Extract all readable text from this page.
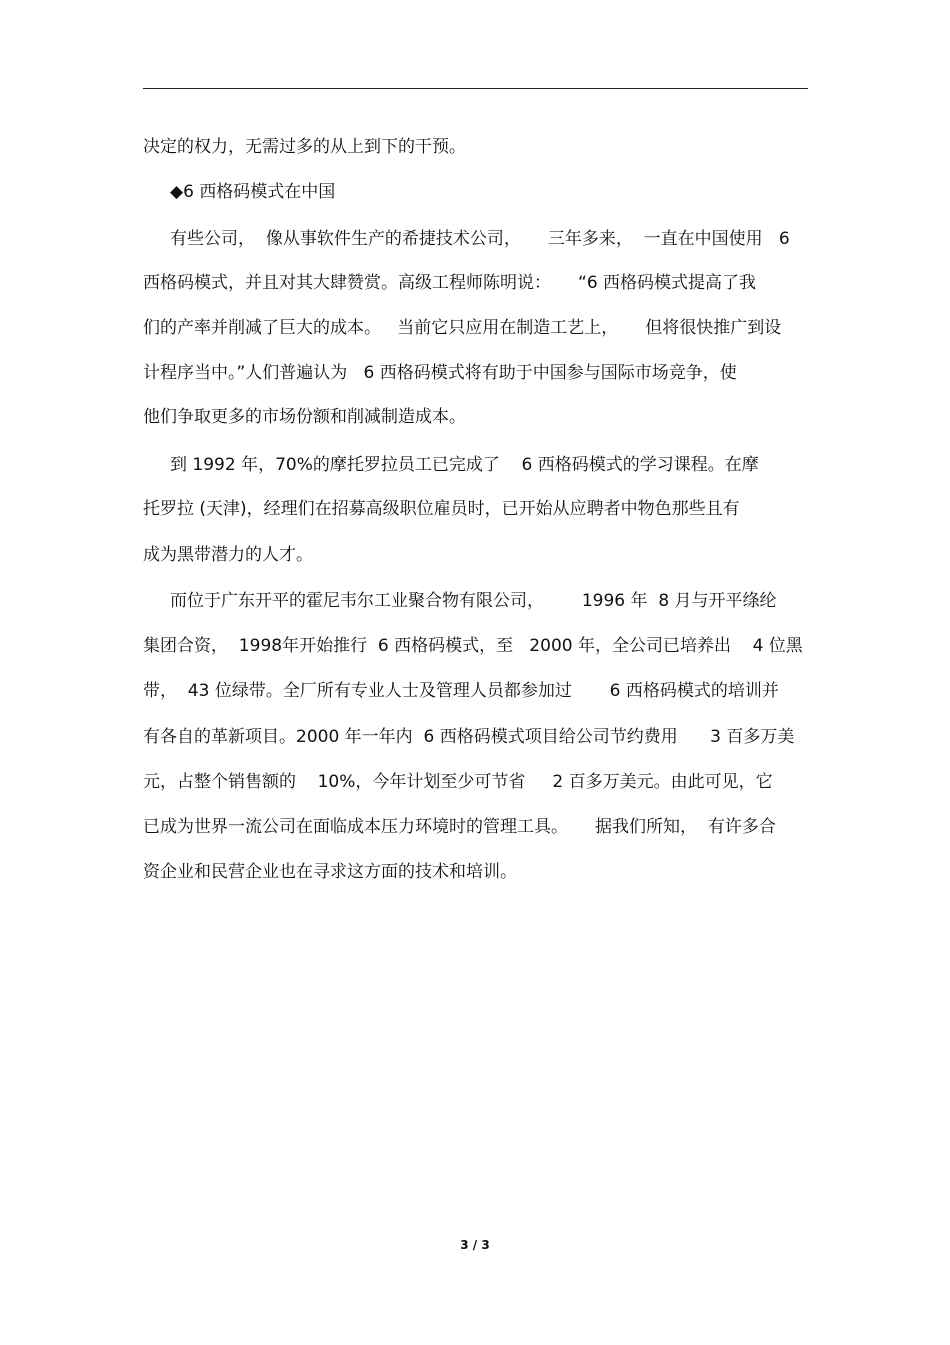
决定的权力，无需过多的从上到下的干预。
◆6 西格码模式在中国
有些公司，  像从事软件生产的希捷技术公司，     三年多来，  一直在中国使用   6
西格码模式，并且对其大肆赞赏。高级工程师陈明说：     “6 西格码模式提高了我
们的产率并削减了巨大的成本。   当前它只应用在制造工艺上，     但将很快推广到设
计程序当中。”人们普遍认为   6 西格码模式将有助于中国参与国际市场竞争，使
他们争取更多的市场份额和削减制造成本。
到 1992 年，70%的摩托罗拉员工已完成了    6 西格码模式的学习课程。在摩
托罗拉 (天津)，经理们在招募高级职位雇员时，已开始从应聘者中物色那些且有
成为黑带潜力的人才。
而位于广东开平的霍尼韦尔工业聚合物有限公司，       1996 年  8 月与开平绦纶
集团合资，  1998年开始推行  6 西格码模式，至   2000 年，全公司已培养出    4 位黑
带，  43 位绿带。全厂所有专业人士及管理人员都参加过       6 西格码模式的培训并
有各自的革新项目。2000 年一年内  6 西格码模式项目给公司节约费用      3 百多万美
元，占整个销售额的    10%，今年计划至少可节省     2 百多万美元。由此可见，它
已成为世界一流公司在面临成本压力环境时的管理工具。     据我们所知，  有许多合
资企业和民营企业也在寻求这方面的技术和培训。
3 / 3
